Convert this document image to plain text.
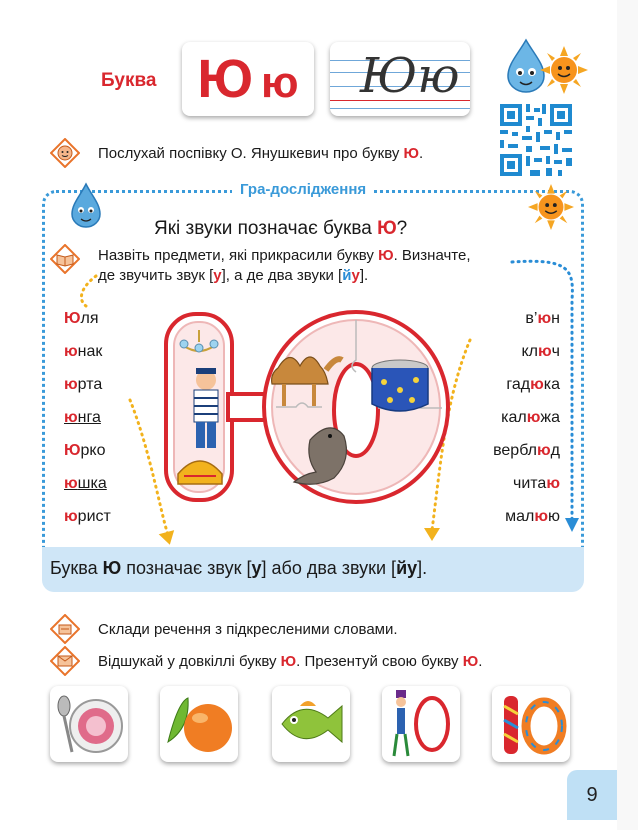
Буква Ю ю Юю
Послухай поспівку О. Янушкевич про букву Ю.
Гра-дослідження
Які звуки позначає буква Ю?
Назвіть предмети, які прикрасили букву Ю. Визначте,
де звучить звук [у], а де два звуки [йу].
Юля
юнак
юрта
юнга
Юрко
юшка
юрист
в’юн
ключ
гадюка
калюжа
верблюд
читаю
малюю
Буква Ю позначає звук [у] або два звуки [йу].
Склади речення з підкресленими словами.
Відшукай у довкіллі букву Ю. Презентуй свою букву Ю.
9
